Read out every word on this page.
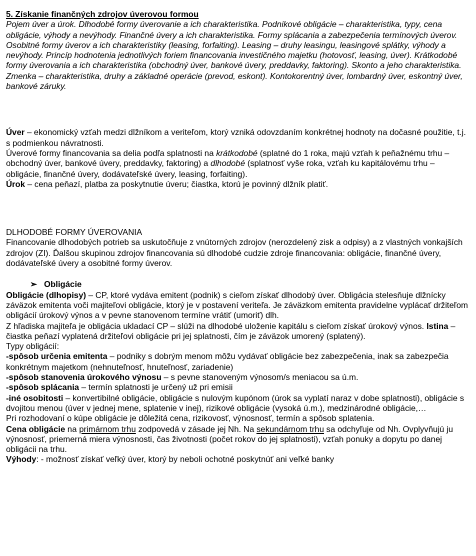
5. Získanie finančných zdrojov úverovou formou

Pojem úver a úrok. Dlhodobé formy úverovanie a ich charakteristika. Podnikové obligácie – charakteristika, typy, cena obligácie, výhody a nevýhody. Finančné úvery a ich charakteristika. Formy splácania a zabezpečenia termínových úverov. Osobitné formy úverov a ich charakteristiky (leasing, forfaiting). Leasing – druhy leasingu, leasingové splátky, výhody a nevýhody. Princíp hodnotenia jednotlivých foriem financovania investičného majetku (hotovosť, leasing, úver). Krátkodobé formy úverovania a ich charakteristika (obchodný úver, bankové úvery, preddavky, faktoring). Skonto a jeho charakteristika. Zmenka – charakteristika, druhy a základné operácie (prevod, eskont). Kontokorentný úver, lombardný úver, eskontný úver, bankové záruky.

Úver – ekonomický vzťah medzi dlžníkom a veriteľom, ktorý vzniká odovzdaním konkrétnej hodnoty na dočasné použitie, t.j. s podmienkou návratnosti.

Úverové formy financovania sa delia podľa splatnosti na krátkodobé (splatné do 1 roka, majú vzťah k peňažnému trhu – obchodný úver, bankové úvery, preddavky, faktoring) a dlhodobé (splatnosť vyše roka, vzťah ku kapitálovému trhu – obligácie, finančné úvery, dodávateľské úvery, leasing, forfaiting).

Úrok – cena peňazí, platba za poskytnutie úveru; čiastka, ktorú je povinný dlžník platiť.

DLHODOBÉ FORMY ÚVEROVANIA

Financovanie dlhodobých potrieb sa uskutočňuje z vnútorných zdrojov (nerozdelený zisk a odpisy) a z vlastných vonkajších zdrojov (ZI). Ďalšou skupinou zdrojov financovania sú dlhodobé cudzie zdroje financovania: obligácie, finančné úvery, dodávateľské úvery a osobitné formy úverov.

➢ Obligácie

Obligácie (dlhopisy) – CP, ktoré vydáva emitent (podnik) s cieľom získať dlhodobý úver. Obligácia stelesňuje dlžnícky záväzok emitenta voči majiteľovi obligácie, ktorý je v postavení veriteľa. Je záväzkom emitenta pravidelne vyplácať držiteľom obligácií úrokový výnos a v pevne stanovenom termíne vrátiť (umoriť) dlh.

Z hľadiska majiteľa je obligácia ukladací CP – slúži na dlhodobé uloženie kapitálu s cieľom získať úrokový výnos. Istina – čiastka peňazí vyplatená držiteľovi obligácie pri jej splatnosti, čím je záväzok umorený (splatený).

Typy obligácií:

-spôsob určenia emitenta – podniky s dobrým menom môžu vydávať obligácie bez zabezpečenia, inak sa zabezpečia konkrétnym majetkom (nehnuteľnosť, hnuteľnosť, zariadenie)

-spôsob stanovenia úrokového výnosu – s pevne stanoveným výnosom/s meniacou sa ú.m.

-spôsob splácania – termín splatnosti je určený už pri emisii

-iné osobitosti – konvertibilné obligácie, obligácie s nulovým kupónom (úrok sa vyplatí naraz v dobe splatnosti), obligácie s dvojitou menou (úver v jednej mene, splatenie v inej), rizikové obligácie (vysoká ú.m.), medzinárodné obligácie,…

Pri rozhodovaní o kúpe obligácie je dôležitá cena, rizikovosť, výnosnosť, termín a spôsob splatenia.

Cena obligácie na primárnom trhu zodpovedá v zásade jej Nh. Na sekundárnom trhu sa odchyľuje od Nh. Ovplyvňujú ju výnosnosť, priemerná miera výnosnosti, čas životnosti (počet rokov do jej splatnosti), vzťah ponuky a dopytu po danej obligácii na trhu.

Výhody: - možnosť získať veľký úver, ktorý by neboli ochotné poskytnúť ani veľké banky
